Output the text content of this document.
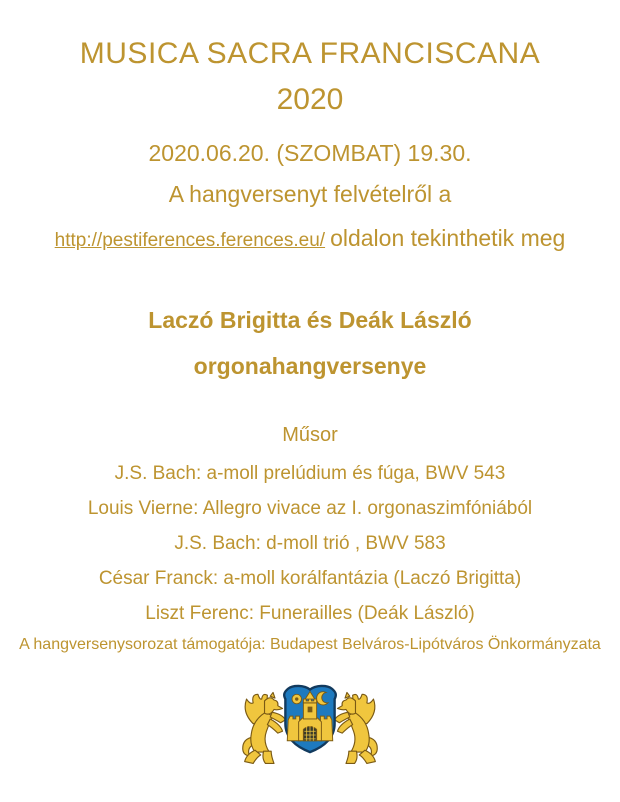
MUSICA SACRA FRANCISCANA
2020
2020.06.20. (SZOMBAT) 19.30.
A hangversenyt felvételről a
http://pestiferences.ferences.eu/ oldalon tekinthetik meg
Laczó Brigitta és Deák László
orgonahangversenye
Műsor
J.S. Bach: a-moll prelúdium és fúga, BWV 543
Louis Vierne: Allegro vivace az I. orgonaszimfóniából
J.S. Bach: d-moll trió , BWV 583
César Franck: a-moll korálfantázia (Laczó Brigitta)
Liszt Ferenc: Funerailles (Deák László)
A hangversenysorozat támogatója: Budapest Belváros-Lipótváros Önkormányzata
